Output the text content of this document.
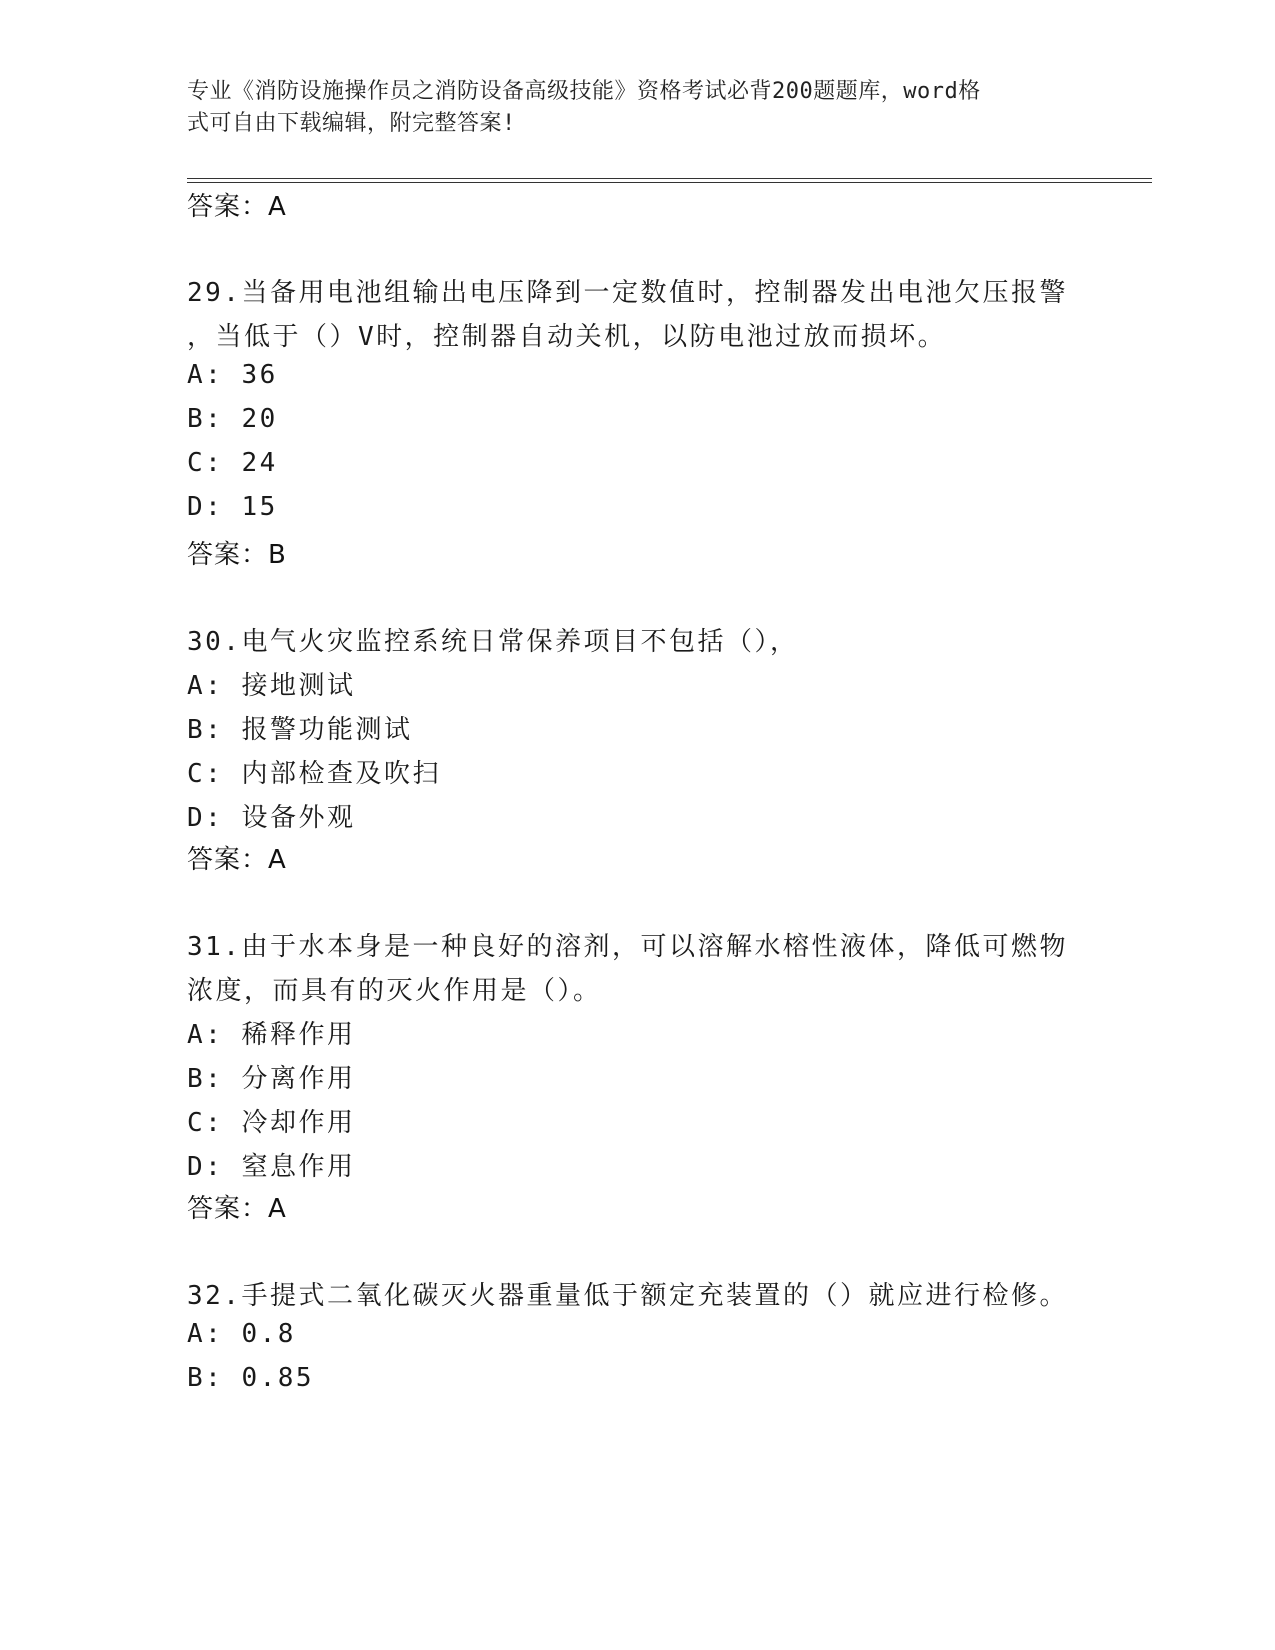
专业《消防设施操作员之消防设备高级技能》资格考试必背200题题库，word格
式可自由下载编辑，附完整答案!
答案：A
29.当备用电池组输出电压降到一定数值时，控制器发出电池欠压报警
，当低于（）V时，控制器自动关机，以防电池过放而损坏。
A: 36
B: 20
C: 24
D: 15
答案：B
30.电气火灾监控系统日常保养项目不包括（），
A: 接地测试
B: 报警功能测试
C: 内部检查及吹扫
D: 设备外观
答案：A
31.由于水本身是一种良好的溶剂，可以溶解水榕性液体，降低可燃物
浓度，而具有的灭火作用是（）。
A: 稀释作用
B: 分离作用
C: 冷却作用
D: 窒息作用
答案：A
32.手提式二氧化碳灭火器重量低于额定充装置的（）就应进行检修。
A: 0.8
B: 0.85
